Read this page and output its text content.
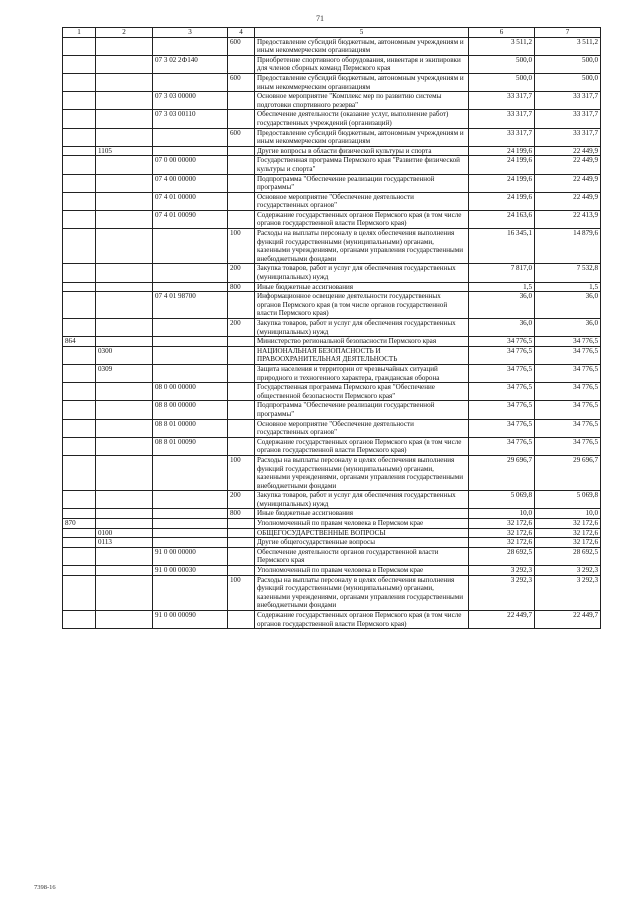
71
1	2	3	4	5	6	7
			600	Предоставление субсидий бюджетным, автономным учреждениям и иным некоммерческим организациям	3 511,2	3 511,2
		07 3 02 2Ф140		Приобретение спортивного оборудования, инвентаря и экипировки для членов сборных команд Пермского края	500,0	500,0
			600	Предоставление субсидий бюджетным, автономным учреждениям и иным некоммерческим организациям	500,0	500,0
		07 3 03 00000		Основное мероприятие "Комплекс мер по развитию системы подготовки спортивного резерва"	33 317,7	33 317,7
		07 3 03 00110		Обеспечение деятельности (оказание услуг, выполнение работ) государственных учреждений (организаций)	33 317,7	33 317,7
			600	Предоставление субсидий бюджетным, автономным учреждениям и иным некоммерческим организациям	33 317,7	33 317,7
	1105			Другие вопросы в области физической культуры и спорта	24 199,6	22 449,9
		07 0 00 00000		Государственная программа Пермского края "Развитие физической культуры и спорта"	24 199,6	22 449,9
		07 4 00 00000		Подпрограмма "Обеспечение реализации государственной программы"	24 199,6	22 449,9
		07 4 01 00000		Основное мероприятие "Обеспечение деятельности государственных органов"	24 199,6	22 449,9
		07 4 01 00090		Содержание государственных органов Пермского края (в том числе органов государственной власти Пермского края)	24 163,6	22 413,9
			100	Расходы на выплаты персоналу в целях обеспечения выполнения функций государственными (муниципальными) органами, казенными учреждениями, органами управления государственными внебюджетными фондами	16 345,1	14 879,6
			200	Закупка товаров, работ и услуг для обеспечения государственных (муниципальных) нужд	7 817,0	7 532,8
			800	Иные бюджетные ассигнования	1,5	1,5
		07 4 01 98700		Информационное освещение деятельности государственных органов Пермского края (в том числе органов государственной власти Пермского края)	36,0	36,0
			200	Закупка товаров, работ и услуг для обеспечения государственных (муниципальных) нужд	36,0	36,0
864				Министерство региональной безопасности Пермского края	34 776,5	34 776,5
	0300			НАЦИОНАЛЬНАЯ БЕЗОПАСНОСТЬ И ПРАВООХРАНИТЕЛЬНАЯ ДЕЯТЕЛЬНОСТЬ	34 776,5	34 776,5
	0309			Защита населения и территории от чрезвычайных ситуаций природного и техногенного характера, гражданская оборона	34 776,5	34 776,5
		08 0 00 00000		Государственная программа Пермского края "Обеспечение общественной безопасности Пермского края"	34 776,5	34 776,5
		08 8 00 00000		Подпрограмма "Обеспечение реализации государственной программы"	34 776,5	34 776,5
		08 8 01 00000		Основное мероприятие "Обеспечение деятельности государственных органов"	34 776,5	34 776,5
		08 8 01 00090		Содержание государственных органов Пермского края (в том числе органов государственной власти Пермского края)	34 776,5	34 776,5
			100	Расходы на выплаты персоналу в целях обеспечения выполнения функций государственными (муниципальными) органами, казенными учреждениями, органами управления государственными внебюджетными фондами	29 696,7	29 696,7
			200	Закупка товаров, работ и услуг для обеспечения государственных (муниципальных) нужд	5 069,8	5 069,8
			800	Иные бюджетные ассигнования	10,0	10,0
870				Уполномоченный по правам человека в Пермском крае	32 172,6	32 172,6
	0100			ОБЩЕГОСУДАРСТВЕННЫЕ ВОПРОСЫ	32 172,6	32 172,6
	0113			Другие общегосударственные вопросы	32 172,6	32 172,6
		91 0 00 00000		Обеспечение деятельности органов государственной власти Пермского края	28 692,5	28 692,5
		91 0 00 00030		Уполномоченный по правам человека в Пермском крае	3 292,3	3 292,3
			100	Расходы на выплаты персоналу в целях обеспечения выполнения функций государственными (муниципальными) органами, казенными учреждениями, органами управления государственными внебюджетными фондами	3 292,3	3 292,3
		91 0 00 00090		Содержание государственных органов Пермского края (в том числе органов государственной власти Пермского края)	22 449,7	22 449,7
7398-16
